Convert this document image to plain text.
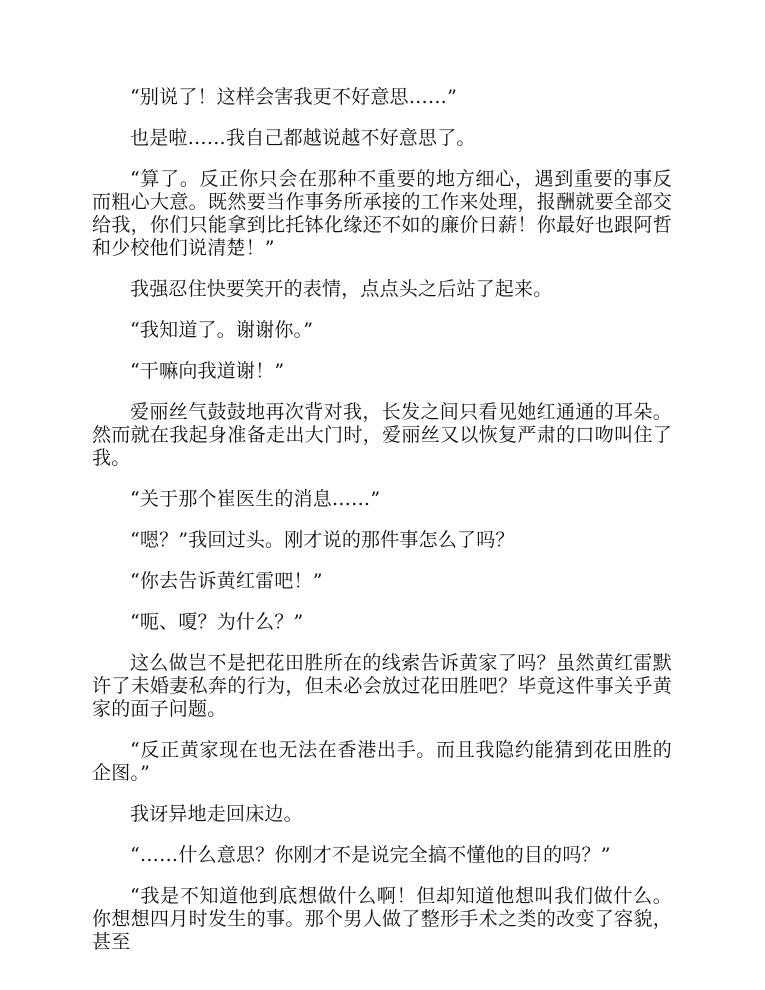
“别说了！这样会害我更不好意思……”

也是啦……我自己都越说越不好意思了。

“算了。反正你只会在那种不重要的地方细心，遇到重要的事反而粗心大意。既然要当作事务所承接的工作来处理，报酬就要全部交给我，你们只能拿到比托钵化缘还不如的廉价日薪！你最好也跟阿哲和少校他们说清楚！”

我强忍住快要笑开的表情，点点头之后站了起来。

“我知道了。谢谢你。”

“干嘛向我道谢！”

爱丽丝气鼓鼓地再次背对我，长发之间只看见她红通通的耳朵。然而就在我起身准备走出大门时，爱丽丝又以恢复严肃的口吻叫住了我。

“关于那个崔医生的消息……”

“嗯？”我回过头。刚才说的那件事怎么了吗？

“你去告诉黄红雷吧！”

“呃、嗄？为什么？”

这么做岂不是把花田胜所在的线索告诉黄家了吗？虽然黄红雷默许了未婚妻私奔的行为，但未必会放过花田胜吧？毕竟这件事关乎黄家的面子问题。

“反正黄家现在也无法在香港出手。而且我隐约能猜到花田胜的企图。”

我讶异地走回床边。

“……什么意思？你刚才不是说完全搞不懂他的目的吗？”

“我是不知道他到底想做什么啊！但却知道他想叫我们做什么。你想想四月时发生的事。那个男人做了整形手术之类的改变了容貌，甚至
